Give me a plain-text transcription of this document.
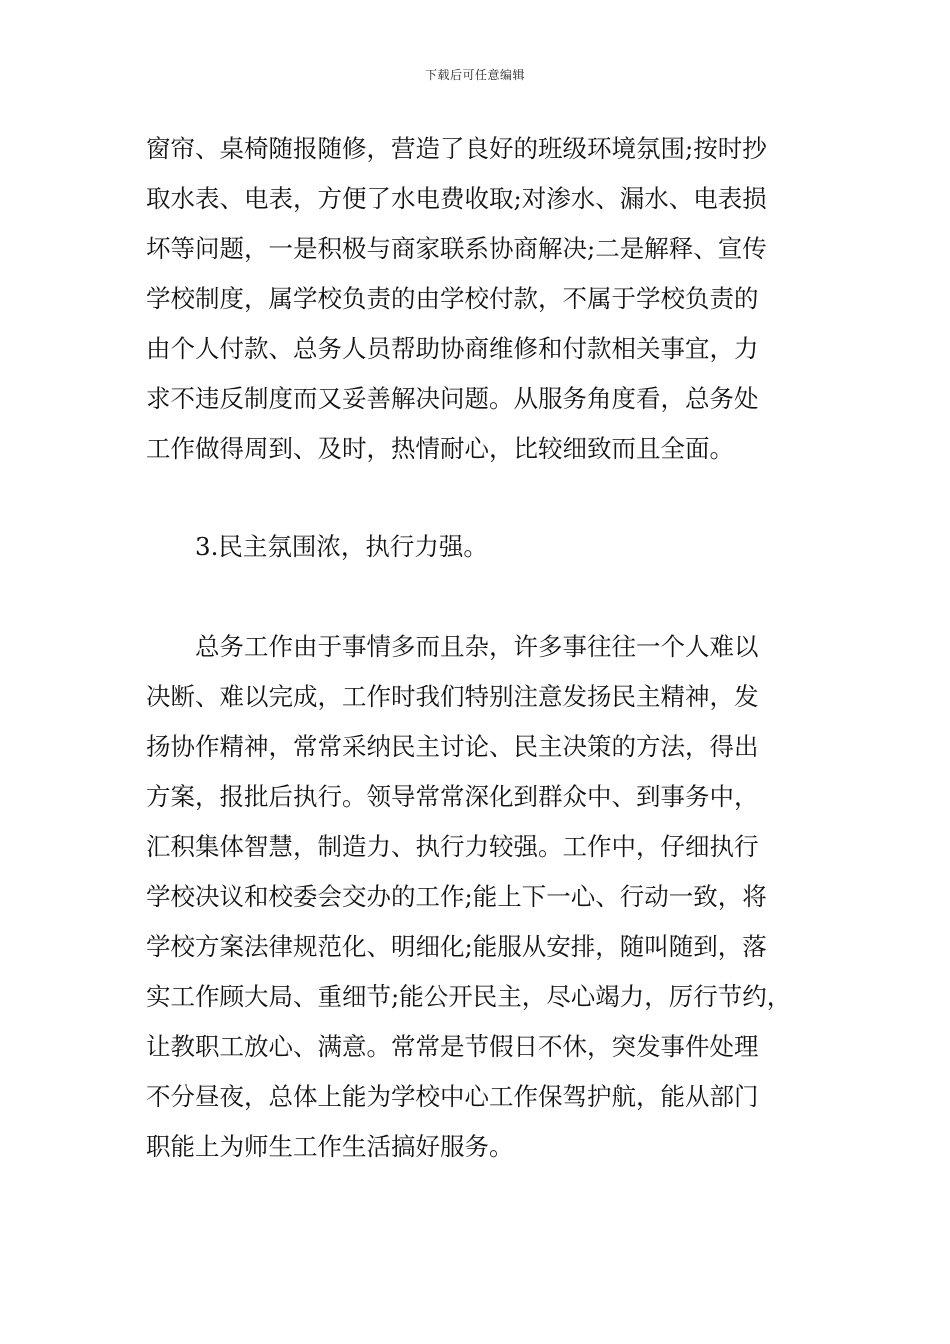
下载后可任意编辑
窗帘、桌椅随报随修，营造了良好的班级环境氛围;按时抄
取水表、电表，方便了水电费收取;对渗水、漏水、电表损
坏等问题，一是积极与商家联系协商解决;二是解释、宣传
学校制度，属学校负责的由学校付款，不属于学校负责的
由个人付款、总务人员帮助协商维修和付款相关事宜，力
求不违反制度而又妥善解决问题。从服务角度看，总务处
工作做得周到、及时，热情耐心，比较细致而且全面。
3.民主氛围浓，执行力强。
总务工作由于事情多而且杂，许多事往往一个人难以
决断、难以完成，工作时我们特别注意发扬民主精神，发
扬协作精神，常常采纳民主讨论、民主决策的方法，得出
方案，报批后执行。领导常常深化到群众中、到事务中，
汇积集体智慧，制造力、执行力较强。工作中，仔细执行
学校决议和校委会交办的工作;能上下一心、行动一致，将
学校方案法律规范化、明细化;能服从安排，随叫随到，落
实工作顾大局、重细节;能公开民主，尽心竭力，厉行节约，
让教职工放心、满意。常常是节假日不休，突发事件处理
不分昼夜，总体上能为学校中心工作保驾护航，能从部门
职能上为师生工作生活搞好服务。
